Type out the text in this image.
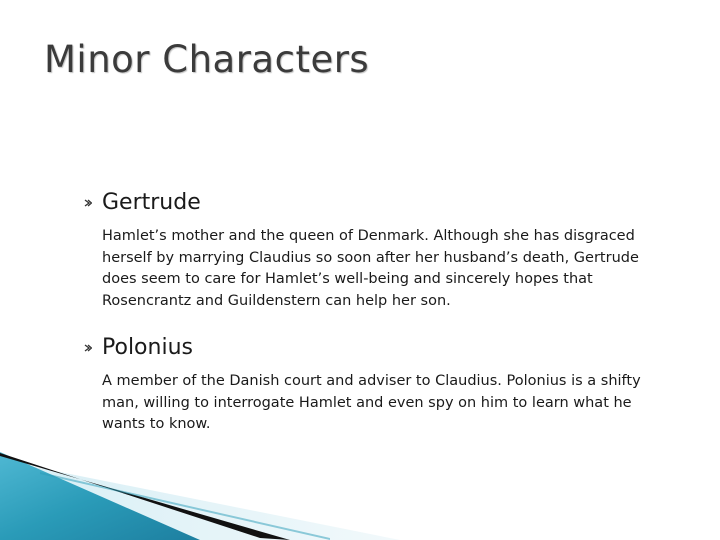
Minor Characters
Gertrude

Hamlet’s mother and the queen of Denmark. Although she has disgraced herself by marrying Claudius so soon after her husband’s death, Gertrude does seem to care for Hamlet’s well-being and sincerely hopes that Rosencrantz and Guildenstern can help her son.

Polonius

A member of the Danish court and adviser to Claudius. Polonius is a shifty man, willing to interrogate Hamlet and even spy on him to learn what he wants to know.
